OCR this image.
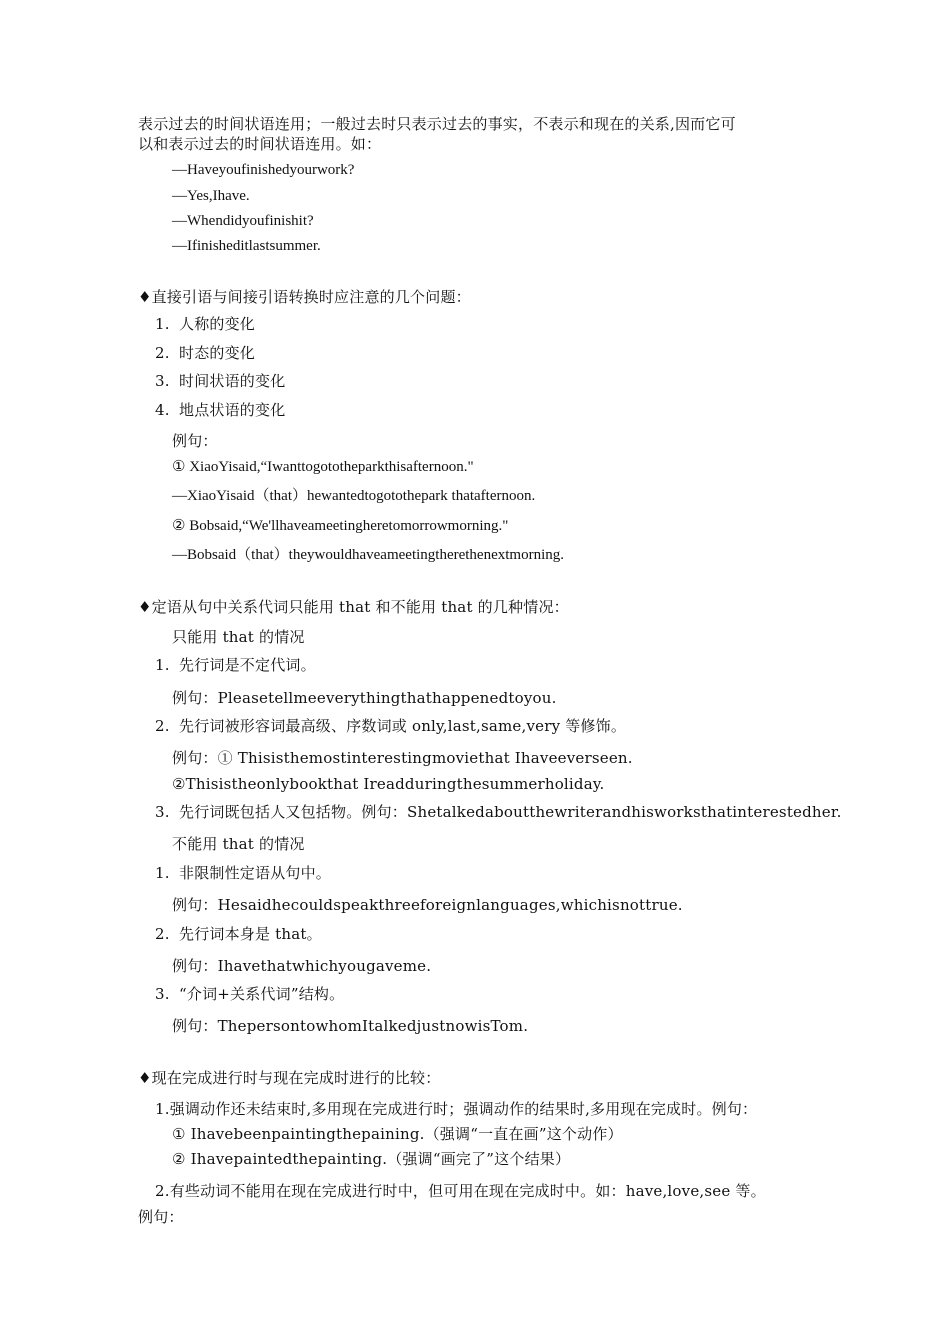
表示过去的时间状语连用；一般过去时只表示过去的事实，不表示和现在的关系,因而它可
以和表示过去的时间状语连用。如：
—Haveyoufinishedyourwork?
—Yes,Ihave.
—Whendidyoufinishit?
—Ifinisheditlastsummer.
♦直接引语与间接引语转换时应注意的几个问题：
1. 人称的变化
2. 时态的变化
3. 时间状语的变化
4. 地点状语的变化
例句：
① XiaoYisaid,“Iwanttogototheparkthisafternoon."
—XiaoYisaid（that）hewantedtogotothepark thatafternoon.
② Bobsaid,“We'llhaveameetingheretomorrowmorning."
—Bobsaid（that）theywouldhaveameetingtherethenextmorning.
♦定语从句中关系代词只能用 that 和不能用 that 的几种情况：
只能用 that 的情况
1. 先行词是不定代词。
例句：Pleasetellmeeverythingthathappenedtoyou.
2. 先行词被形容词最高级、序数词或 only,last,same,very 等修饰。
例句：① Thisisthemostinterestingmoviethat Ihaveeverseen.
②Thisistheonlybookthat Ireadduringthesummerholiday.
3. 先行词既包括人又包括物。例句：Shetalkedaboutthewriterandhisworksthatinterestedher.
不能用 that 的情况
1. 非限制性定语从句中。
例句：Hesaidhecouldspeakthreeforeignlanguages,whichisnottrue.
2. 先行词本身是 that。
例句：Ihavethatwhichyougaveme.
3. “介词+关系代词”结构。
例句：ThepersontowhomItalkedjustnowisTom.
♦现在完成进行时与现在完成时进行的比较：
1.强调动作还未结束时,多用现在完成进行时；强调动作的结果时,多用现在完成时。例句：
① Ihavebeenpaintingthepaining.（强调“一直在画”这个动作）
② Ihavepaintedthepainting.（强调“画完了”这个结果）
2.有些动词不能用在现在完成进行时中，但可用在现在完成时中。如：have,love,see 等。
例句：
